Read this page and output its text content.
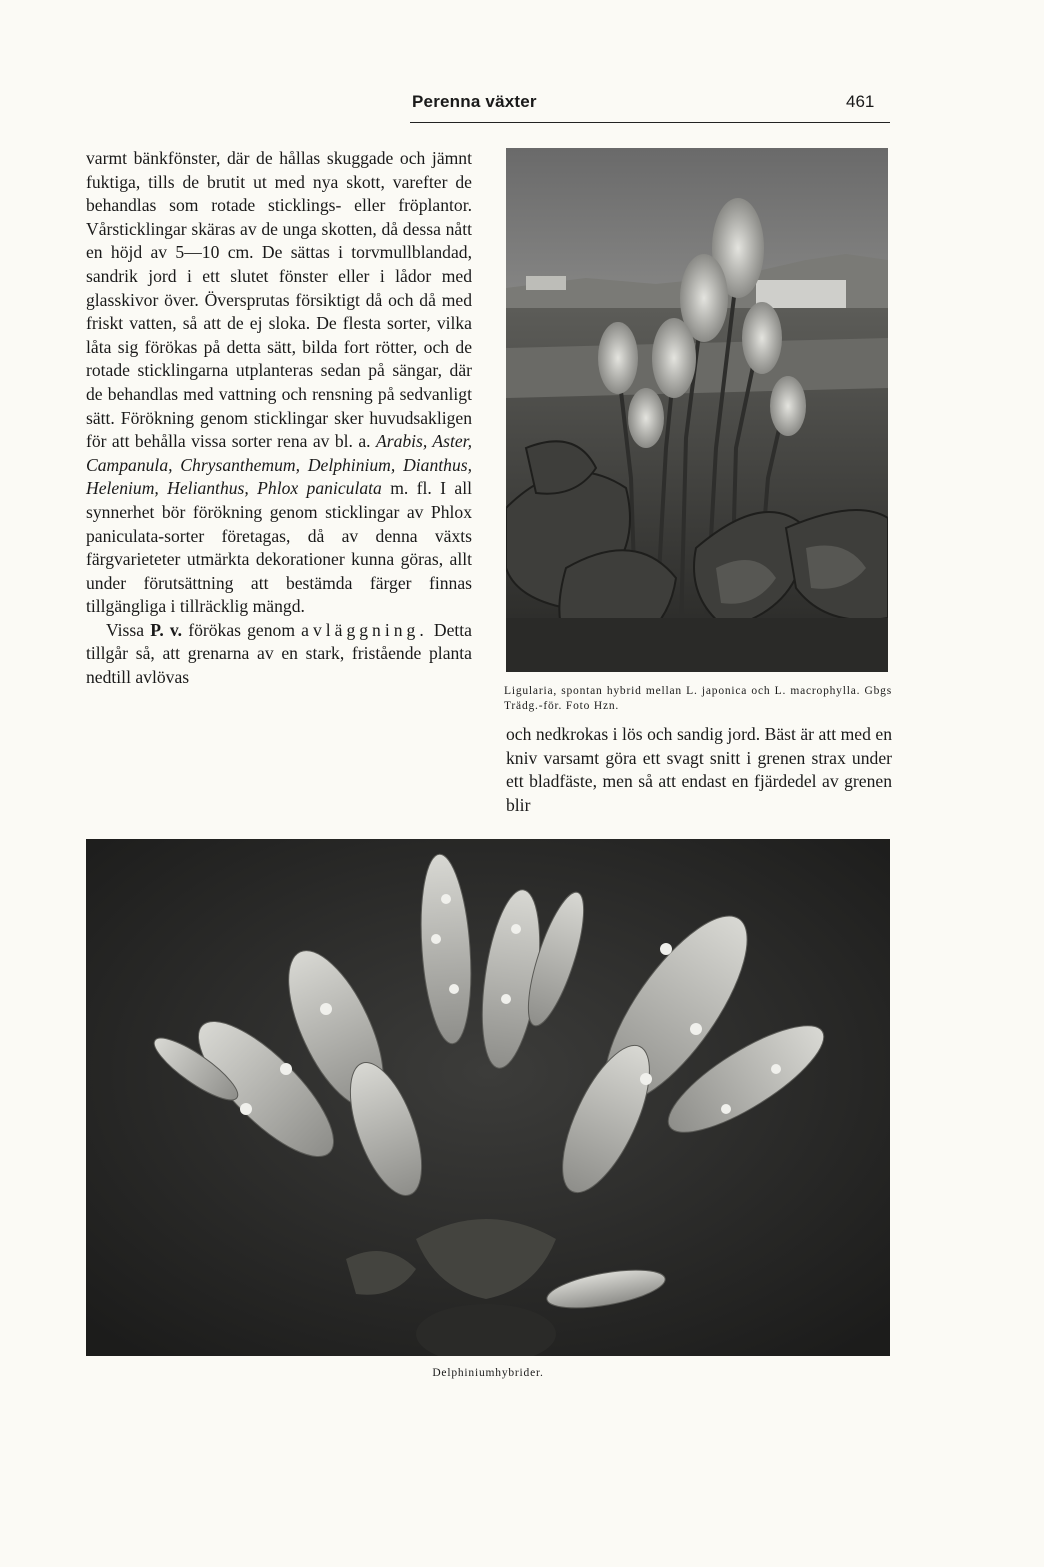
Perenna växter	461

varmt bänkfönster, där de hållas skuggade och jämnt fuktiga, tills de brutit ut med nya skott, varefter de behandlas som rotade sticklings- eller fröplantor. Vårsticklingar skäras av de unga skotten, då dessa nått en höjd av 5—10 cm. De sättas i torvmullblandad, sandrik jord i ett slutet fönster eller i lådor med glasskivor över. Översprutas försiktigt då och då med friskt vatten, så att de ej sloka. De flesta sorter, vilka låta sig förökas på detta sätt, bilda fort rötter, och de rotade sticklingarna utplanteras sedan på sängar, där de behandlas med vattning och rensning på sedvanligt sätt. Förökning genom sticklingar sker huvudsakligen för att behålla vissa sorter rena av bl. a. Arabis, Aster, Campanula, Chrysanthemum, Delphinium, Dianthus, Helenium, Helianthus, Phlox paniculata m. fl. I all synnerhet bör förökning genom sticklingar av Phlox paniculata-sorter företagas, då av denna växts färgvarieteter utmärkta dekorationer kunna göras, allt under förutsättning att bestämda färger finnas tillgängliga i tillräcklig mängd.

Vissa P. v. förökas genom avläggning. Detta tillgår så, att grenarna av en stark, fristående planta nedtill avlövas

Ligularia, spontan hybrid mellan L. japonica och L. macrophylla. Gbgs Trädg.-för. Foto Hzn.

och nedkrokas i lös och sandig jord. Bäst är att med en kniv varsamt göra ett svagt snitt i grenen strax under ett bladfäste, men så att endast en fjärdedel av grenen blir

Delphiniumhybrider.
